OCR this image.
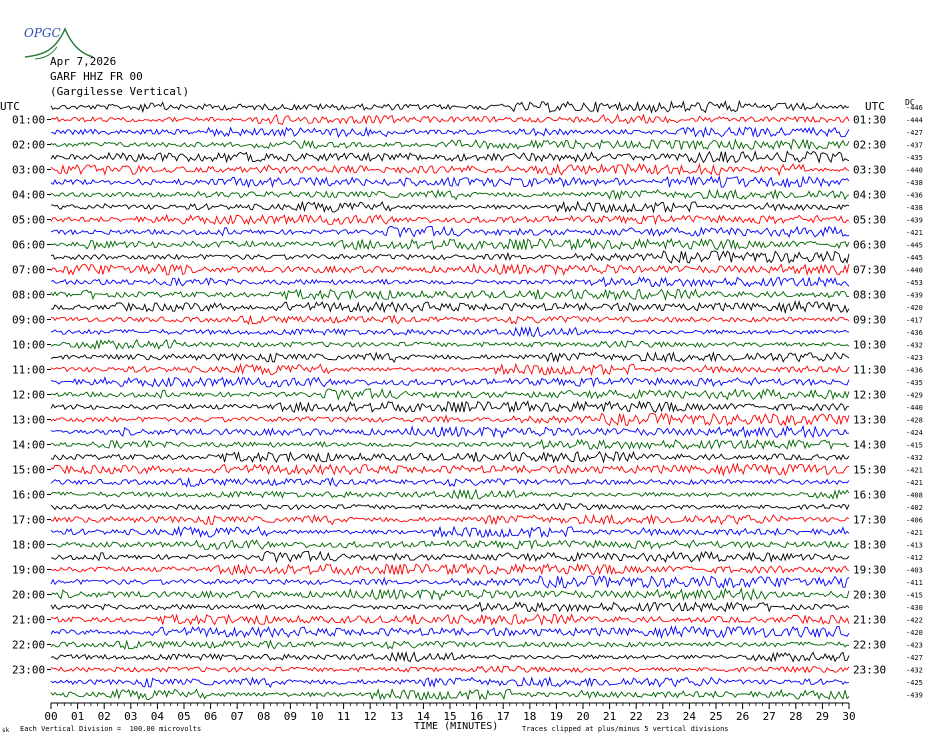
-446
-444
-427
-437
-435
-440
-438
-436
-438
-439
-421
-445
-445
-440
-453
-439
-420
-417
-436
-432
-423
-436
-435
-429
-440
-428
-424
-415
-432
-421
-421
-408
-402
-406
-421
-413
-412
-403
-411
-415
-430
-422
-420
-423
-427
-432
-425
-439
01:00
02:00
03:00
04:00
05:00
06:00
07:00
08:00
09:00
10:00
11:00
12:00
13:00
14:00
15:00
16:00
17:00
18:00
19:00
20:00
21:00
22:00
23:00
01:30
02:30
03:30
04:30
05:30
06:30
07:30
08:30
09:30
10:30
11:30
12:30
13:30
14:30
15:30
16:30
17:30
18:30
19:30
20:30
21:30
22:30
23:30
00 01 02 03 04 05 06 07 08 09 10 11 12 13 14 15 16 17 18 19 20 21 22 23 24 25 26 27 28 29 30

OPGC

Apr 7,2026
GARF HHZ FR 00
(Gargilesse Vertical)
UTC	UTC	DC
TIME (MINUTES)
Each Vertical Division =  100.00 microvolts	Traces clipped at plus/minus 5 vertical divisions
sk
